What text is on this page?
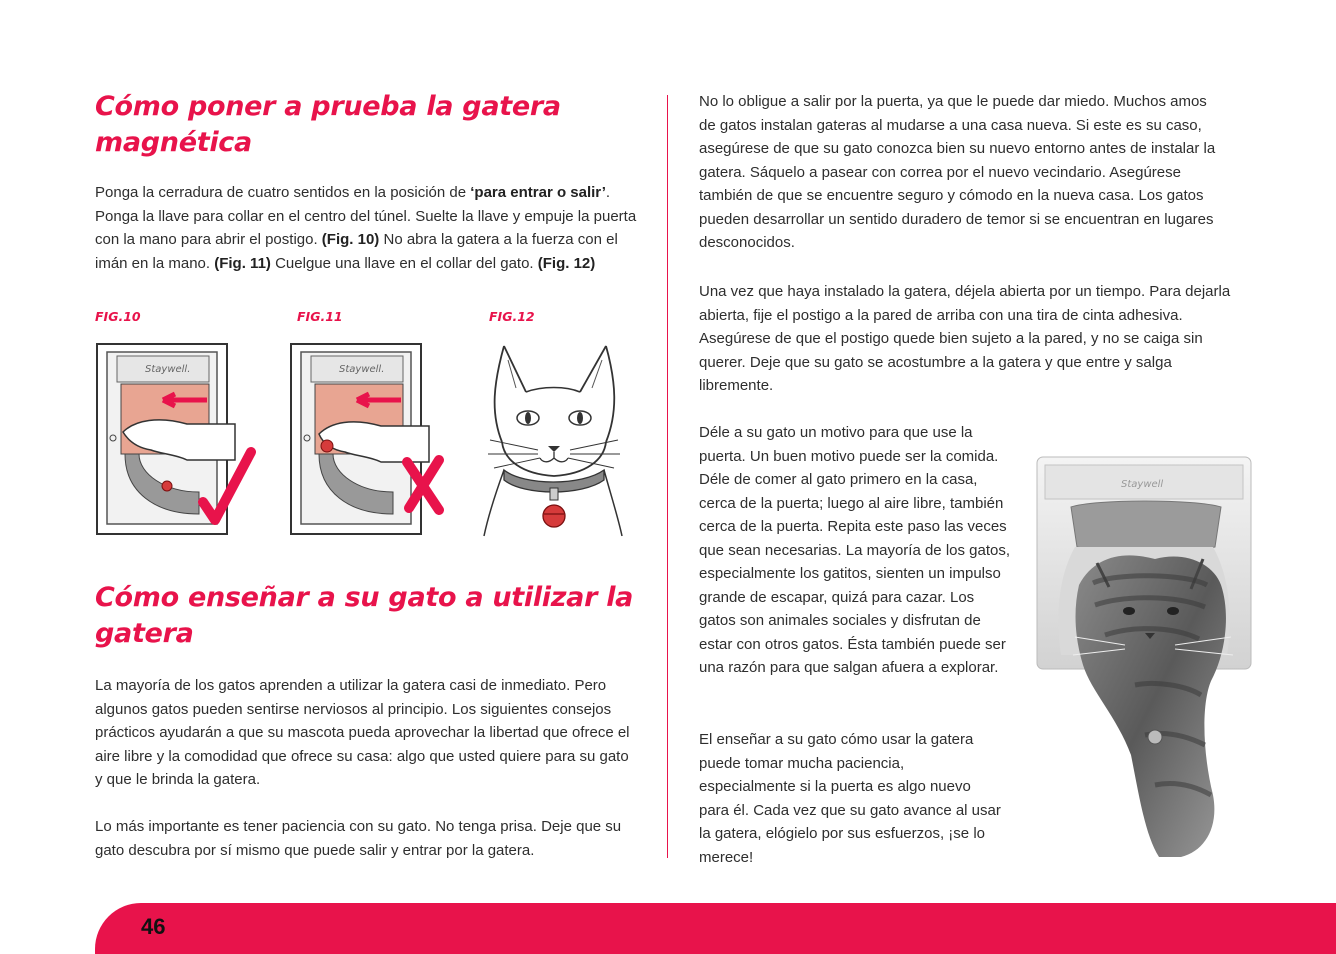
Cómo poner a prueba la gatera
magnética

Ponga la cerradura de cuatro sentidos en la posición de ‘para entrar o salir’. Ponga la llave para collar en el centro del túnel. Suelte la llave y empuje la puerta con la mano para abrir el postigo. (Fig. 10) No abra la gatera a la fuerza con el imán en la mano. (Fig. 11) Cuelgue una llave en el collar del gato. (Fig. 12)

FIG.10	FIG.11	FIG.12

Staywell.	Staywell.
Cómo enseñar a su gato a utilizar la
gatera

La mayoría de los gatos aprenden a utilizar la gatera casi de inmediato. Pero algunos gatos pueden sentirse nerviosos al principio. Los siguientes consejos prácticos ayudarán a que su mascota pueda aprovechar la libertad que ofrece el aire libre y la comodidad que ofrece su casa: algo que usted quiere para su gato y que le brinda la gatera.

Lo más importante es tener paciencia con su gato. No tenga prisa. Deje que su gato descubra por sí mismo que puede salir y entrar por la gatera.

No lo obligue a salir por la puerta, ya que le puede dar miedo. Muchos amos de gatos instalan gateras al mudarse a una casa nueva. Si este es su caso, asegúrese de que su gato conozca bien su nuevo entorno antes de instalar la gatera. Sáquelo a pasear con correa por el nuevo vecindario. Asegúrese también de que se encuentre seguro y cómodo en la nueva casa. Los gatos pueden desarrollar un sentido duradero de temor si se encuentran en lugares desconocidos.

Una vez que haya instalado la gatera, déjela abierta por un tiempo. Para dejarla abierta, fije el postigo a la pared de arriba con una tira de cinta adhesiva. Asegúrese de que el postigo quede bien sujeto a la pared, y no se caiga sin querer. Deje que su gato se acostumbre a la gatera y que entre y salga libremente.

Déle a su gato un motivo para que use la puerta. Un buen motivo puede ser la comida. Déle de comer al gato primero en la casa, cerca de la puerta; luego al aire libre, también cerca de la puerta. Repita este paso las veces que sean necesarias. La mayoría de los gatos, especialmente los gatitos, sienten un impulso grande de escapar, quizá para cazar. Los gatos son animales sociales y disfrutan de estar con otros gatos. Ésta también puede ser una razón para que salgan afuera a explorar.

El enseñar a su gato cómo usar la gatera puede tomar mucha paciencia, especialmente si la puerta es algo nuevo para él. Cada vez que su gato avance al usar la gatera, elógielo por sus esfuerzos, ¡se lo merece!

Staywell

46
